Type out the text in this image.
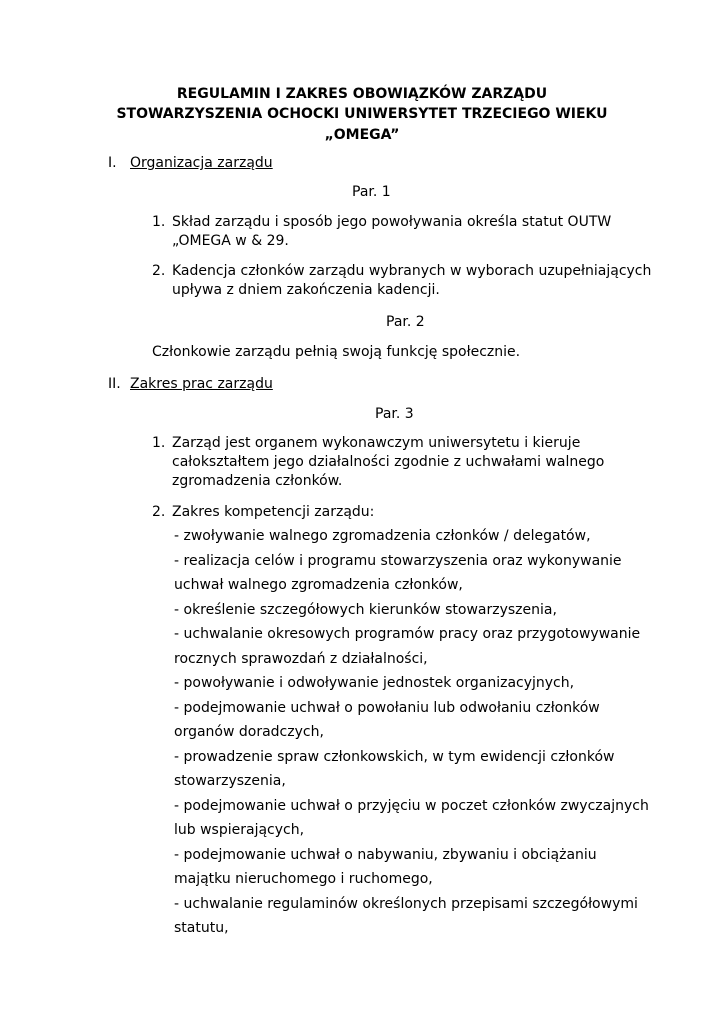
REGULAMIN I ZAKRES OBOWIĄZKÓW ZARZĄDU
STOWARZYSZENIA OCHOCKI UNIWERSYTET TRZECIEGO WIEKU
„OMEGA”
I. Organizacja zarządu
Par. 1
1. Skład zarządu i sposób jego powoływania określa statut OUTW „OMEGA w & 29.
2. Kadencja członków zarządu wybranych w wyborach uzupełniających upływa z dniem zakończenia kadencji.
Par. 2
Członkowie zarządu pełnią swoją funkcję społecznie.
II. Zakres prac zarządu
Par. 3
1. Zarząd jest organem wykonawczym uniwersytetu i kieruje całokształtem jego działalności zgodnie z uchwałami walnego zgromadzenia członków.
2. Zakres kompetencji zarządu:
- zwoływanie walnego zgromadzenia członków / delegatów,
- realizacja celów i programu stowarzyszenia oraz wykonywanie uchwał walnego zgromadzenia członków,
- określenie szczegółowych kierunków stowarzyszenia,
- uchwalanie okresowych programów pracy oraz przygotowywanie rocznych sprawozdań z działalności,
- powoływanie i odwoływanie jednostek organizacyjnych,
- podejmowanie uchwał o powołaniu lub odwołaniu członków organów doradczych,
- prowadzenie spraw członkowskich, w tym ewidencji członków stowarzyszenia,
- podejmowanie uchwał o przyjęciu w poczet członków zwyczajnych lub wspierających,
- podejmowanie uchwał o nabywaniu, zbywaniu i obciążaniu majątku nieruchomego i ruchomego,
- uchwalanie regulaminów określonych przepisami szczegółowymi statutu,
